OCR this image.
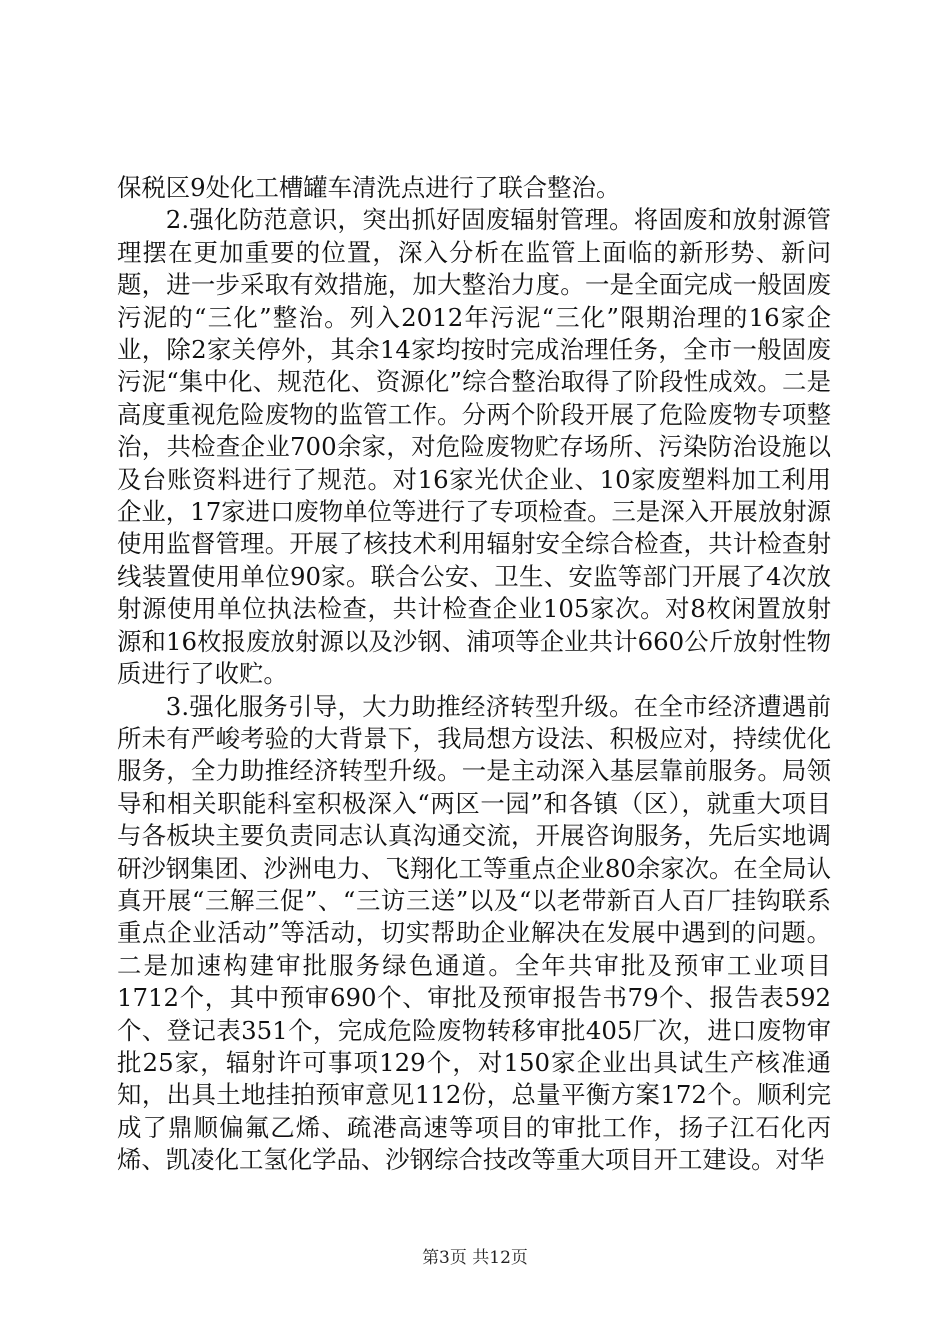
保税区9处化工槽罐车清洗点进行了联合整治。

2.强化防范意识，突出抓好固废辐射管理。将固废和放射源管理摆在更加重要的位置，深入分析在监管上面临的新形势、新问题，进一步采取有效措施，加大整治力度。一是全面完成一般固废污泥的“三化”整治。列入2012年污泥“三化”限期治理的16家企业，除2家关停外，其余14家均按时完成治理任务，全市一般固废污泥“集中化、规范化、资源化”综合整治取得了阶段性成效。二是高度重视危险废物的监管工作。分两个阶段开展了危险废物专项整治，共检查企业700余家，对危险废物贮存场所、污染防治设施以及台账资料进行了规范。对16家光伏企业、10家废塑料加工利用企业，17家进口废物单位等进行了专项检查。三是深入开展放射源使用监督管理。开展了核技术利用辐射安全综合检查，共计检查射线装置使用单位90家。联合公安、卫生、安监等部门开展了4次放射源使用单位执法检查，共计检查企业105家次。对8枚闲置放射源和16枚报废放射源以及沙钢、浦项等企业共计660公斤放射性物质进行了收贮。

3.强化服务引导，大力助推经济转型升级。在全市经济遭遇前所未有严峻考验的大背景下，我局想方设法、积极应对，持续优化服务，全力助推经济转型升级。一是主动深入基层靠前服务。局领导和相关职能科室积极深入“两区一园”和各镇（区），就重大项目与各板块主要负责同志认真沟通交流，开展咨询服务，先后实地调研沙钢集团、沙洲电力、飞翔化工等重点企业80余家次。在全局认真开展“三解三促”、“三访三送”以及“以老带新百人百厂挂钩联系重点企业活动”等活动，切实帮助企业解决在发展中遇到的问题。二是加速构建审批服务绿色通道。全年共审批及预审工业项目1712个，其中预审690个、审批及预审报告书79个、报告表592个、登记表351个，完成危险废物转移审批405厂次，进口废物审批25家，辐射许可事项129个，对150家企业出具试生产核准通知，出具土地挂拍预审意见112份，总量平衡方案172个。顺利完成了鼎顺偏氟乙烯、疏港高速等项目的审批工作，扬子江石化丙烯、凯凌化工氢化学品、沙钢综合技改等重大项目开工建设。对华

第3页 共12页
